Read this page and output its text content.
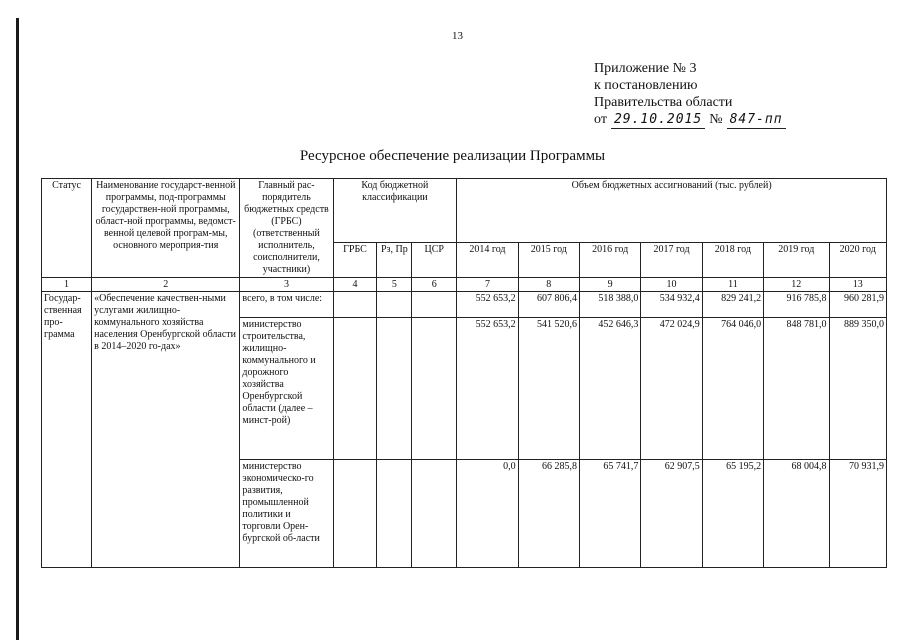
13
Приложение № 3
к постановлению
Правительства области
от 29.10.2015 № 847-пп
Ресурсное обеспечение реализации Программы
Статус	Наименование государст-венной программы, под-программы государствен-ной программы, област-ной программы, ведомст-венной целевой програм-мы, основного мероприя-тия	Главный рас-порядитель бюджетных средств (ГРБС) (ответственный исполнитель, соисполнители, участники)	Код бюджетной классификации			Объем бюджетных ассигнований (тыс. рублей)						
			ГРБС	Рз, Пр	ЦСР	2014 год	2015 год	2016 год	2017 год	2018 год	2019 год	2020 год
1	2	3	4	5	6	7	8	9	10	11	12	13
Государ-ственная про-грамма	«Обеспечение качествен-ными услугами жилищно-коммунального хозяйства населения Оренбургской области в 2014–2020 го-дах»	всего, в том числе:				552 653,2	607 806,4	518 388,0	534 932,4	829 241,2	916 785,8	960 281,9
		министерство строительства, жилищно-коммунального и дорожного хозяйства Оренбургской области (далее – минст-рой)				552 653,2	541 520,6	452 646,3	472 024,9	764 046,0	848 781,0	889 350,0
		министерство экономическо-го развития, промышленной политики и торговли Орен-бургской об-ласти				0,0	66 285,8	65 741,7	62 907,5	65 195,2	68 004,8	70 931,9
